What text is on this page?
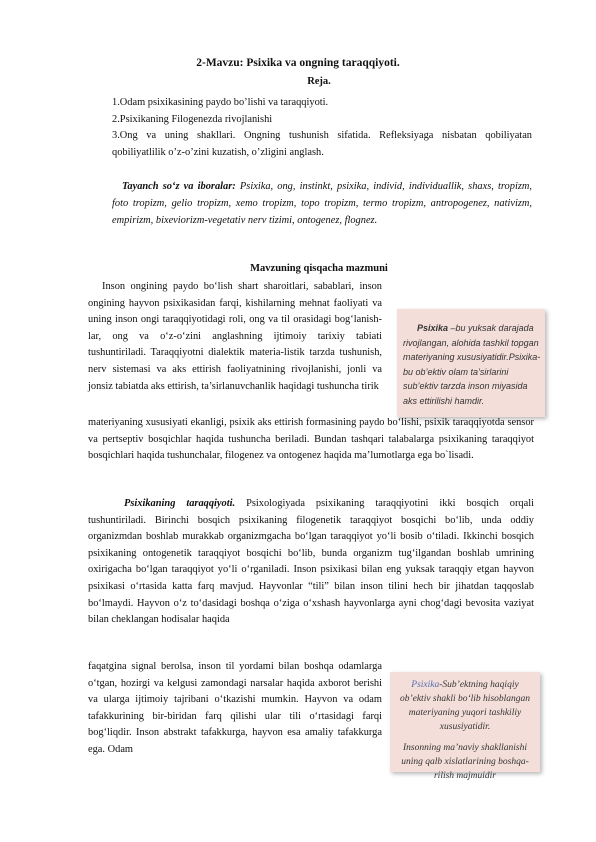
2-Mavzu: Psixika va ongning taraqqiyoti.
Reja.
1.Odam psixikasining paydo bo’lishi va taraqqiyoti.
2.Psixikaning Filogenezda rivojlanishi
3.Ong va uning shakllari. Ongning tushunish sifatida. Refleksiyaga nisbatan qobiliyatan qobiliyatlilik o’z-o’zini kuzatish, o’zligini anglash.
Tayanch so‘z va iboralar: Psixika, ong, instinkt, psixika, individ, individuallik, shaxs, tropizm, foto tropizm, gelio tropizm, xemo tropizm, topo tropizm, termo tropizm, antropogenez, nativizm, empirizm, bixeviorizm-vegetativ nerv tizimi, ontogenez, flognez.
Mavzuning qisqacha mazmuni
Inson ongining paydo bo‘lish shart sharoitlari, sabablari, inson ongining hayvon psixikasidan farqi, kishilarning mehnat faoliyati va uning inson ongi taraqqiyotidagi roli, ong va til orasidagi bog‘lanish-lar, ong va o‘z-o‘zini anglashning ijtimoiy tarixiy tabiati tushuntiriladi. Taraqqiyotni dialektik materia-listik tarzda tushunish, nerv sistemasi va aks ettirish faoliyatnining rivojlanishi, jonli va jonsiz tabiatda aks ettirish, ta’sirlanuvchanlik haqidagi tushuncha tirik
materiyaning xususiyati ekanligi, psixik aks ettirish formasining paydo bo‘lishi, psixik taraqqiyotda sensor va pertseptiv bosqichlar haqida tushuncha beriladi. Bundan tashqari talabalarga psixikaning taraqqiyot bosqichlari haqida tushunchalar, filogenez va ontogenez haqida ma’lumotlarga ega bo`lisadi.
Psixikaning taraqqiyoti. Psixologiyada psixikaning taraqqiyotini ikki bosqich orqali tushuntiriladi. Birinchi bosqich psixikaning filogenetik taraqqiyot bosqichi bo‘lib, unda oddiy organizmdan boshlab murakkab organizmgacha bo‘lgan taraqqiyot yo‘li bosib o‘tiladi. Ikkinchi bosqich psixikaning ontogenetik taraqqiyot bosqichi bo‘lib, bunda organizm tug‘ilgandan boshlab umrining oxirigacha bo‘lgan taraqqiyot yo‘li o‘rganiladi. Inson psixikasi bilan eng yuksak taraqqiy etgan hayvon psixikasi o‘rtasida katta farq mavjud. Hayvonlar “tili” bilan inson tilini hech bir jihatdan taqqoslab bo‘lmaydi. Hayvon o‘z to‘dasidagi boshqa o‘ziga o‘xshash hayvonlarga ayni chog‘dagi bevosita vaziyat bilan cheklangan hodisalar haqida
faqatgina signal berolsa, inson til yordami bilan boshqa odamlarga o‘tgan, hozirgi va kelgusi zamondagi narsalar haqida axborot berishi va ularga ijtimoiy tajribani o‘tkazishi mumkin. Hayvon va odam tafakkurining bir-biridan farq qilishi ular tili o‘rtasidagi farqi bog‘liqdir. Inson abstrakt tafakkurga, hayvon esa amaliy tafakkurga ega. Odam
Psixika –bu yuksak darajada rivojlangan, alohida tashkil topgan materiyaning xususiyatidir.Psixika-bu ob’ektiv olam ta’sirlarini sub’ektiv tarzda inson miyasida aks ettirilishi hamdir.

Psixika-Sub’ektning haqiqiy ob’ektiv shakli bo‘lib hisoblangan materiyaning yuqori tashkiliy xususiyatidir.

Insonning ma’naviy shakllanishi uning qalb xislatlarining boshqa-rilish majmuidir
